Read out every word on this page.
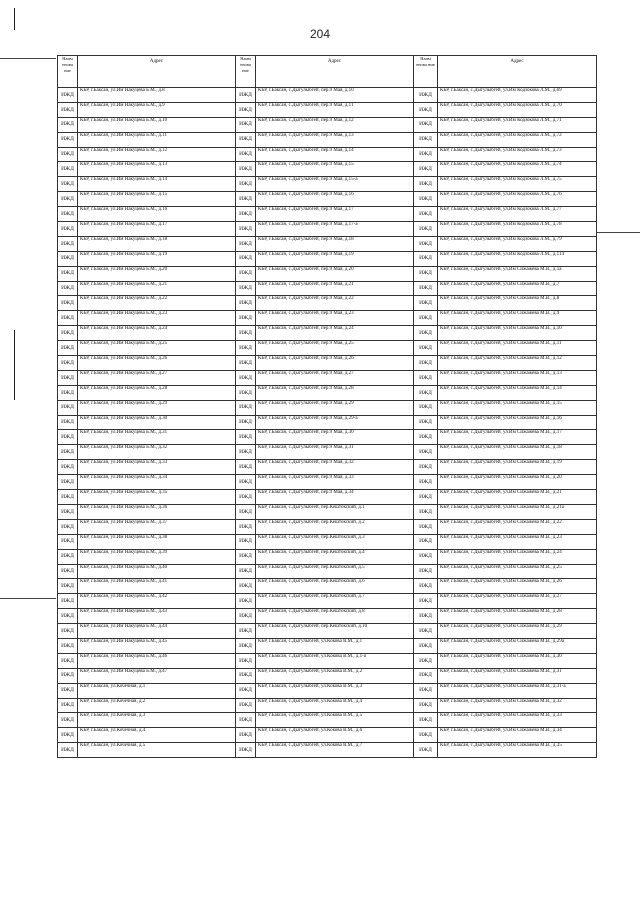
204
Наим енова ние	Адрес	Наим енова ние	Адрес	Наим енова ние	Адрес
ИЖД	КБР, г.Баксан, ул.Им Накуцева Б.М., д.8	ИЖД	КБР, г.Баксан, с.Дыгулыбгей, пер.9 Мая, д.10	ИЖД	КБР, г.Баксан, с.Дыгулыбгей, ул.Им Кодзокова Л.М., д.69
ИЖД	КБР, г.Баксан, ул.Им Накуцева Б.М., д.9	ИЖД	КБР, г.Баксан, с.Дыгулыбгей, пер.9 Мая, д.11	ИЖД	КБР, г.Баксан, с.Дыгулыбгей, ул.Им Кодзокова Л.М., д.70
ИЖД	КБР, г.Баксан, ул.Им Накуцева Б.М., д.10	ИЖД	КБР, г.Баксан, с.Дыгулыбгей, пер.9 Мая, д.12	ИЖД	КБР, г.Баксан, с.Дыгулыбгей, ул.Им Кодзокова Л.М., д.71
ИЖД	КБР, г.Баксан, ул.Им Накуцева Б.М., д.11	ИЖД	КБР, г.Баксан, с.Дыгулыбгей, пер.9 Мая, д.13	ИЖД	КБР, г.Баксан, с.Дыгулыбгей, ул.Им Кодзокова Л.М., д.72
ИЖД	КБР, г.Баксан, ул.Им Накуцева Б.М., д.12	ИЖД	КБР, г.Баксан, с.Дыгулыбгей, пер.9 Мая, д.14	ИЖД	КБР, г.Баксан, с.Дыгулыбгей, ул.Им Кодзокова Л.М., д.73
ИЖД	КБР, г.Баксан, ул.Им Накуцева Б.М., д.13	ИЖД	КБР, г.Баксан, с.Дыгулыбгей, пер.9 Мая, д.15	ИЖД	КБР, г.Баксан, с.Дыгулыбгей, ул.Им Кодзокова Л.М., д.74
ИЖД	КБР, г.Баксан, ул.Им Накуцева Б.М., д.14	ИЖД	КБР, г.Баксан, с.Дыгулыбгей, пер.9 Мая, д.15-а	ИЖД	КБР, г.Баксан, с.Дыгулыбгей, ул.Им Кодзокова Л.М., д.75
ИЖД	КБР, г.Баксан, ул.Им Накуцева Б.М., д.15	ИЖД	КБР, г.Баксан, с.Дыгулыбгей, пер.9 Мая, д.16	ИЖД	КБР, г.Баксан, с.Дыгулыбгей, ул.Им Кодзокова Л.М., д.76
ИЖД	КБР, г.Баксан, ул.Им Накуцева Б.М., д.16	ИЖД	КБР, г.Баксан, с.Дыгулыбгей, пер.9 Мая, д.17	ИЖД	КБР, г.Баксан, с.Дыгулыбгей, ул.Им Кодзокова Л.М., д.77
ИЖД	КБР, г.Баксан, ул.Им Накуцева Б.М., д.17	ИЖД	КБР, г.Баксан, с.Дыгулыбгей, пер.9 Мая, д.17-а	ИЖД	КБР, г.Баксан, с.Дыгулыбгей, ул.Им Кодзокова Л.М., д.78
ИЖД	КБР, г.Баксан, ул.Им Накуцева Б.М., д.18	ИЖД	КБР, г.Баксан, с.Дыгулыбгей, пер.9 Мая, д.18	ИЖД	КБР, г.Баксан, с.Дыгулыбгей, ул.Им Кодзокова Л.М., д.79
ИЖД	КБР, г.Баксан, ул.Им Накуцева Б.М., д.19	ИЖД	КБР, г.Баксан, с.Дыгулыбгей, пер.9 Мая, д.19	ИЖД	КБР, г.Баксан, с.Дыгулыбгей, ул.Им Кодзокова Л.М., д.114
ИЖД	КБР, г.Баксан, ул.Им Накуцева Б.М., д.20	ИЖД	КБР, г.Баксан, с.Дыгулыбгей, пер.9 Мая, д.20	ИЖД	КБР, г.Баксан, с.Дыгулыбгей, ул.Им Сижажева М.В., д.1а
ИЖД	КБР, г.Баксан, ул.Им Накуцева Б.М., д.21	ИЖД	КБР, г.Баксан, с.Дыгулыбгей, пер.9 Мая, д.21	ИЖД	КБР, г.Баксан, с.Дыгулыбгей, ул.Им Сижажева М.В., д.7
ИЖД	КБР, г.Баксан, ул.Им Накуцева Б.М., д.22	ИЖД	КБР, г.Баксан, с.Дыгулыбгей, пер.9 Мая, д.22	ИЖД	КБР, г.Баксан, с.Дыгулыбгей, ул.Им Сижажева М.В., д.8
ИЖД	КБР, г.Баксан, ул.Им Накуцева Б.М., д.23	ИЖД	КБР, г.Баксан, с.Дыгулыбгей, пер.9 Мая, д.23	ИЖД	КБР, г.Баксан, с.Дыгулыбгей, ул.Им Сижажева М.В., д.9
ИЖД	КБР, г.Баксан, ул.Им Накуцева Б.М., д.24	ИЖД	КБР, г.Баксан, с.Дыгулыбгей, пер.9 Мая, д.24	ИЖД	КБР, г.Баксан, с.Дыгулыбгей, ул.Им Сижажева М.В., д.10
ИЖД	КБР, г.Баксан, ул.Им Накуцева Б.М., д.25	ИЖД	КБР, г.Баксан, с.Дыгулыбгей, пер.9 Мая, д.25	ИЖД	КБР, г.Баксан, с.Дыгулыбгей, ул.Им Сижажева М.В., д.11
ИЖД	КБР, г.Баксан, ул.Им Накуцева Б.М., д.26	ИЖД	КБР, г.Баксан, с.Дыгулыбгей, пер.9 Мая, д.26	ИЖД	КБР, г.Баксан, с.Дыгулыбгей, ул.Им Сижажева М.В., д.12
ИЖД	КБР, г.Баксан, ул.Им Накуцева Б.М., д.27	ИЖД	КБР, г.Баксан, с.Дыгулыбгей, пер.9 Мая, д.27	ИЖД	КБР, г.Баксан, с.Дыгулыбгей, ул.Им Сижажева М.В., д.13
ИЖД	КБР, г.Баксан, ул.Им Накуцева Б.М., д.28	ИЖД	КБР, г.Баксан, с.Дыгулыбгей, пер.9 Мая, д.28	ИЖД	КБР, г.Баксан, с.Дыгулыбгей, ул.Им Сижажева М.В., д.14
ИЖД	КБР, г.Баксан, ул.Им Накуцева Б.М., д.29	ИЖД	КБР, г.Баксан, с.Дыгулыбгей, пер.9 Мая, д.29	ИЖД	КБР, г.Баксан, с.Дыгулыбгей, ул.Им Сижажева М.В., д.15
ИЖД	КБР, г.Баксан, ул.Им Накуцева Б.М., д.30	ИЖД	КБР, г.Баксан, с.Дыгулыбгей, пер.9 Мая, д.29-а	ИЖД	КБР, г.Баксан, с.Дыгулыбгей, ул.Им Сижажева М.В., д.16
ИЖД	КБР, г.Баксан, ул.Им Накуцева Б.М., д.31	ИЖД	КБР, г.Баксан, с.Дыгулыбгей, пер.9 Мая, д.30	ИЖД	КБР, г.Баксан, с.Дыгулыбгей, ул.Им Сижажева М.В., д.17
ИЖД	КБР, г.Баксан, ул.Им Накуцева Б.М., д.32	ИЖД	КБР, г.Баксан, с.Дыгулыбгей, пер.9 Мая, д.31	ИЖД	КБР, г.Баксан, с.Дыгулыбгей, ул.Им Сижажева М.В., д.18
ИЖД	КБР, г.Баксан, ул.Им Накуцева Б.М., д.33	ИЖД	КБР, г.Баксан, с.Дыгулыбгей, пер.9 Мая, д.32	ИЖД	КБР, г.Баксан, с.Дыгулыбгей, ул.Им Сижажева М.В., д.19
ИЖД	КБР, г.Баксан, ул.Им Накуцева Б.М., д.34	ИЖД	КБР, г.Баксан, с.Дыгулыбгей, пер.9 Мая, д.33	ИЖД	КБР, г.Баксан, с.Дыгулыбгей, ул.Им Сижажева М.В., д.20
ИЖД	КБР, г.Баксан, ул.Им Накуцева Б.М., д.35	ИЖД	КБР, г.Баксан, с.Дыгулыбгей, пер.9 Мая, д.34	ИЖД	КБР, г.Баксан, с.Дыгулыбгей, ул.Им Сижажева М.В., д.21
ИЖД	КБР, г.Баксан, ул.Им Накуцева Б.М., д.36	ИЖД	КБР, г.Баксан, с.Дыгулыбгей, пер.Кештокский, д.1	ИЖД	КБР, г.Баксан, с.Дыгулыбгей, ул.Им Сижажева М.В., д.21а
ИЖД	КБР, г.Баксан, ул.Им Накуцева Б.М., д.37	ИЖД	КБР, г.Баксан, с.Дыгулыбгей, пер.Кештокский, д.2	ИЖД	КБР, г.Баксан, с.Дыгулыбгей, ул.Им Сижажева М.В., д.22
ИЖД	КБР, г.Баксан, ул.Им Накуцева Б.М., д.38	ИЖД	КБР, г.Баксан, с.Дыгулыбгей, пер.Кештокский, д.3	ИЖД	КБР, г.Баксан, с.Дыгулыбгей, ул.Им Сижажева М.В., д.23
ИЖД	КБР, г.Баксан, ул.Им Накуцева Б.М., д.39	ИЖД	КБР, г.Баксан, с.Дыгулыбгей, пер.Кештокский, д.4	ИЖД	КБР, г.Баксан, с.Дыгулыбгей, ул.Им Сижажева М.В., д.24
ИЖД	КБР, г.Баксан, ул.Им Накуцева Б.М., д.40	ИЖД	КБР, г.Баксан, с.Дыгулыбгей, пер.Кештокский, д.5	ИЖД	КБР, г.Баксан, с.Дыгулыбгей, ул.Им Сижажева М.В., д.25
ИЖД	КБР, г.Баксан, ул.Им Накуцева Б.М., д.41	ИЖД	КБР, г.Баксан, с.Дыгулыбгей, пер.Кештокский, д.6	ИЖД	КБР, г.Баксан, с.Дыгулыбгей, ул.Им Сижажева М.В., д.26
ИЖД	КБР, г.Баксан, ул.Им Накуцева Б.М., д.42	ИЖД	КБР, г.Баксан, с.Дыгулыбгей, пер.Кештокский, д.7	ИЖД	КБР, г.Баксан, с.Дыгулыбгей, ул.Им Сижажева М.В., д.27
ИЖД	КБР, г.Баксан, ул.Им Накуцева Б.М., д.43	ИЖД	КБР, г.Баксан, с.Дыгулыбгей, пер.Кештокский, д.8	ИЖД	КБР, г.Баксан, с.Дыгулыбгей, ул.Им Сижажева М.В., д.28
ИЖД	КБР, г.Баксан, ул.Им Накуцева Б.М., д.44	ИЖД	КБР, г.Баксан, с.Дыгулыбгей, пер.Кештокский, д.10	ИЖД	КБР, г.Баксан, с.Дыгулыбгей, ул.Им Сижажева М.В., д.29
ИЖД	КБР, г.Баксан, ул.Им Накуцева Б.М., д.45	ИЖД	КБР, г.Баксан, с.Дыгулыбгей, ул.Кокова В.М., д.1	ИЖД	КБР, г.Баксан, с.Дыгулыбгей, ул.Им Сижажева М.В., д.29а
ИЖД	КБР, г.Баксан, ул.Им Накуцева Б.М., д.46	ИЖД	КБР, г.Баксан, с.Дыгулыбгей, ул.Кокова В.М., д.1-а	ИЖД	КБР, г.Баксан, с.Дыгулыбгей, ул.Им Сижажева М.В., д.30
ИЖД	КБР, г.Баксан, ул.Им Накуцева Б.М., д.47	ИЖД	КБР, г.Баксан, с.Дыгулыбгей, ул.Кокова В.М., д.2	ИЖД	КБР, г.Баксан, с.Дыгулыбгей, ул.Им Сижажева М.В., д.31
ИЖД	КБР, г.Баксан, ул.Кочечная, д.1	ИЖД	КБР, г.Баксан, с.Дыгулыбгей, ул.Кокова В.М., д.3	ИЖД	КБР, г.Баксан, с.Дыгулыбгей, ул.Им Сижажева М.В., д.31-а
ИЖД	КБР, г.Баксан, ул.Кочечная, д.2	ИЖД	КБР, г.Баксан, с.Дыгулыбгей, ул.Кокова В.М., д.4	ИЖД	КБР, г.Баксан, с.Дыгулыбгей, ул.Им Сижажева М.В., д.32
ИЖД	КБР, г.Баксан, ул.Кочечная, д.3	ИЖД	КБР, г.Баксан, с.Дыгулыбгей, ул.Кокова В.М., д.5	ИЖД	КБР, г.Баксан, с.Дыгулыбгей, ул.Им Сижажева М.В., д.33
ИЖД	КБР, г.Баксан, ул.Кочечная, д.4	ИЖД	КБР, г.Баксан, с.Дыгулыбгей, ул.Кокова В.М., д.6	ИЖД	КБР, г.Баксан, с.Дыгулыбгей, ул.Им Сижажева М.В., д.34
ИЖД	КБР, г.Баксан, ул.Кочечная, д.5	ИЖД	КБР, г.Баксан, с.Дыгулыбгей, ул.Кокова В.М., д.7	ИЖД	КБР, г.Баксан, с.Дыгулыбгей, ул.Им Сижажева М.В., д.35
